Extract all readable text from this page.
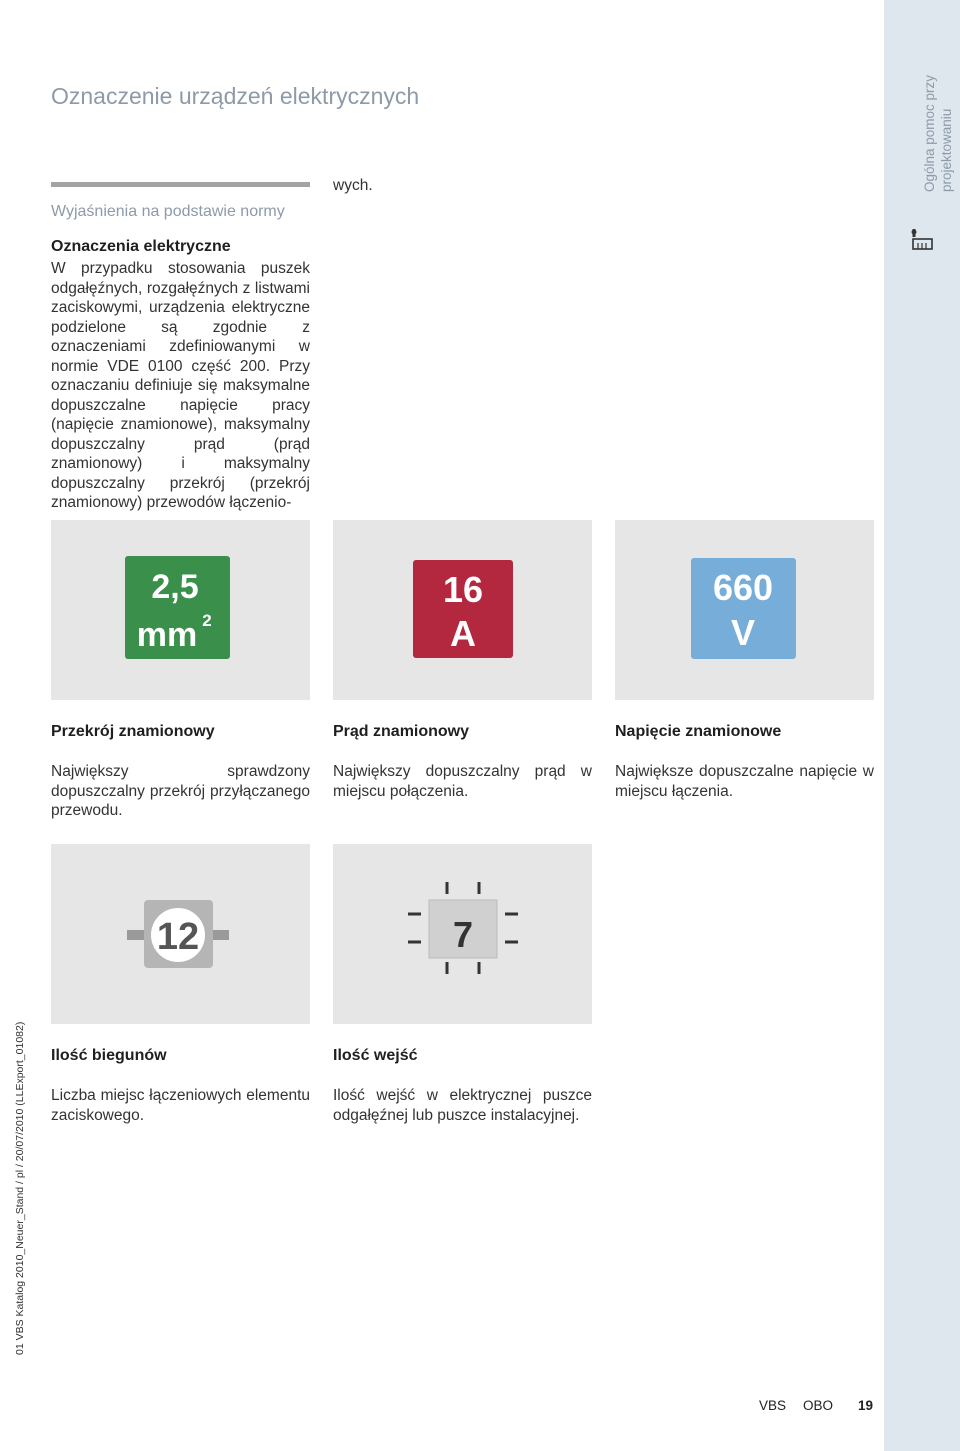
Oznaczenie urządzeń elektrycznych
Wyjaśnienia na podstawie normy
Oznaczenia elektryczne

W przypadku stosowania puszek odgałęźnych, rozgałęźnych z listwami zaciskowymi, urządzenia elektryczne podzielone są zgodnie z oznaczeniami zdefiniowanymi w normie VDE 0100 część 200. Przy oznaczaniu definiuje się maksymalne dopuszczalne napięcie pracy (napięcie znamionowe), maksymalny dopuszczalny prąd (prąd znamionowy) i maksymalny dopuszczalny przekrój (przekrój znamionowy) przewodów łączenio-

wych.
2,5
mm 2
16
A
660
V
Przekrój znamionowy

Największy sprawdzony dopuszczalny przekrój przyłączanego przewodu.

Prąd znamionowy

Największy dopuszczalny prąd w miejscu połączenia.

Napięcie znamionowe

Największe dopuszczalne napięcie w miejscu łączenia.

12	7
Ilość biegunów

Liczba miejsc łączeniowych elementu zaciskowego.

Ilość wejść

Ilość wejść w elektrycznej puszce odgałęźnej lub puszce instalacyjnej.

Ogólna pomoc przy projektowaniu
01 VBS Katalog 2010_Neuer_Stand / pl / 20/07/2010 (LLExport_01082)
VBS OBO 19
